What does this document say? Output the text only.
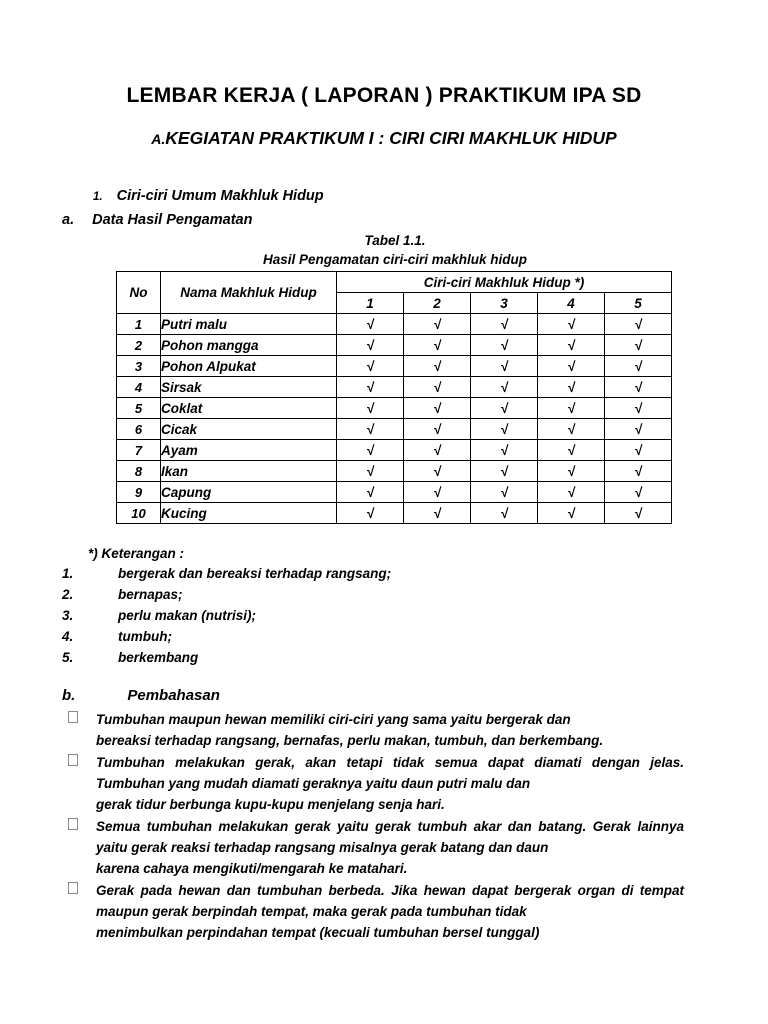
LEMBAR KERJA ( LAPORAN ) PRAKTIKUM IPA SD
A.KEGIATAN PRAKTIKUM I : CIRI CIRI MAKHLUK HIDUP
1. Ciri-ciri Umum Makhluk Hidup
a. Data Hasil Pengamatan
Tabel 1.1.
Hasil Pengamatan ciri-ciri makhluk hidup
No	Nama Makhluk Hidup	Ciri-ciri Makhluk Hidup *)				
		1	2	3	4	5
1	Putri malu	√	√	√	√	√
2	Pohon mangga	√	√	√	√	√
3	Pohon Alpukat	√	√	√	√	√
4	Sirsak	√	√	√	√	√
5	Coklat	√	√	√	√	√
6	Cicak	√	√	√	√	√
7	Ayam	√	√	√	√	√
8	Ikan	√	√	√	√	√
9	Capung	√	√	√	√	√
10	Kucing	√	√	√	√	√
*) Keterangan :
1.	bergerak dan bereaksi terhadap rangsang;
2.	bernapas;
3.	perlu makan (nutrisi);
4.	tumbuh;
5.	berkembang
b.	Pembahasan

Tumbuhan maupun hewan memiliki ciri-ciri yang sama yaitu bergerak dan

bereaksi terhadap rangsang, bernafas, perlu makan, tumbuh, dan berkembang.

Tumbuhan melakukan gerak, akan tetapi tidak semua dapat diamati dengan jelas. Tumbuhan yang mudah diamati geraknya yaitu daun putri malu dan

gerak tidur berbunga kupu-kupu menjelang senja hari.

Semua tumbuhan melakukan gerak yaitu gerak tumbuh akar dan batang. Gerak lainnya yaitu gerak reaksi terhadap rangsang misalnya gerak batang dan daun

karena cahaya mengikuti/mengarah ke matahari.

Gerak pada hewan dan tumbuhan berbeda. Jika hewan dapat bergerak organ di tempat maupun gerak berpindah tempat, maka gerak pada tumbuhan tidak

menimbulkan perpindahan tempat (kecuali tumbuhan bersel tunggal)
